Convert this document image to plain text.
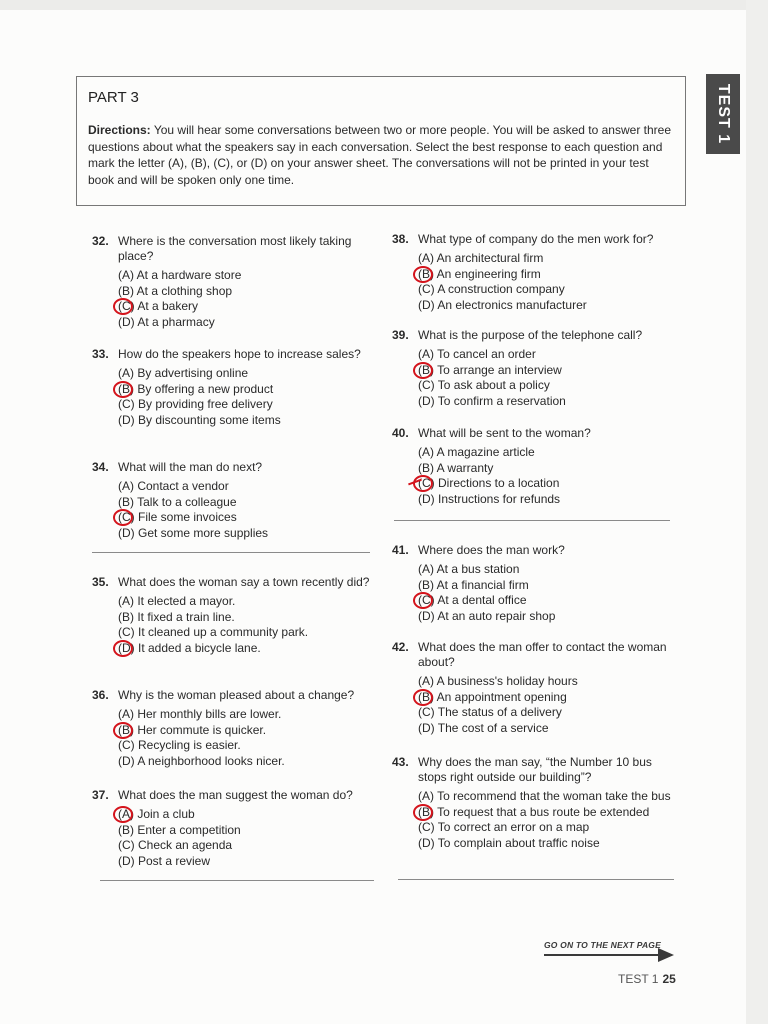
TEST 1
PART 3

Directions: You will hear some conversations between two or more people. You will be asked to answer three questions about what the speakers say in each conversation. Select the best response to each question and mark the letter (A), (B), (C), or (D) on your answer sheet. The conversations will not be printed in your test book and will be spoken only one time.

32. Where is the conversation most likely taking place?
(A) At a hardware store
(B) At a clothing shop
(C) At a bakery
(D) At a pharmacy
33. How do the speakers hope to increase sales?
(A) By advertising online
(B) By offering a new product
(C) By providing free delivery
(D) By discounting some items
34. What will the man do next?
(A) Contact a vendor
(B) Talk to a colleague
(C) File some invoices
(D) Get some more supplies
35. What does the woman say a town recently did?
(A) It elected a mayor.
(B) It fixed a train line.
(C) It cleaned up a community park.
(D) It added a bicycle lane.
36. Why is the woman pleased about a change?
(A) Her monthly bills are lower.
(B) Her commute is quicker.
(C) Recycling is easier.
(D) A neighborhood looks nicer.
37. What does the man suggest the woman do?
(A) Join a club
(B) Enter a competition
(C) Check an agenda
(D) Post a review
38. What type of company do the men work for?
(A) An architectural firm
(B) An engineering firm
(C) A construction company
(D) An electronics manufacturer
39. What is the purpose of the telephone call?
(A) To cancel an order
(B) To arrange an interview
(C) To ask about a policy
(D) To confirm a reservation
40. What will be sent to the woman?
(A) A magazine article
(B) A warranty
(C) Directions to a location
(D) Instructions for refunds
41. Where does the man work?
(A) At a bus station
(B) At a financial firm
(C) At a dental office
(D) At an auto repair shop
42. What does the man offer to contact the woman about?
(A) A business's holiday hours
(B) An appointment opening
(C) The status of a delivery
(D) The cost of a service
43. Why does the man say, “the Number 10 bus stops right outside our building”?
(A) To recommend that the woman take the bus
(B) To request that a bus route be extended
(C) To correct an error on a map
(D) To complain about traffic noise
GO ON TO THE NEXT PAGE
TEST 1 25
